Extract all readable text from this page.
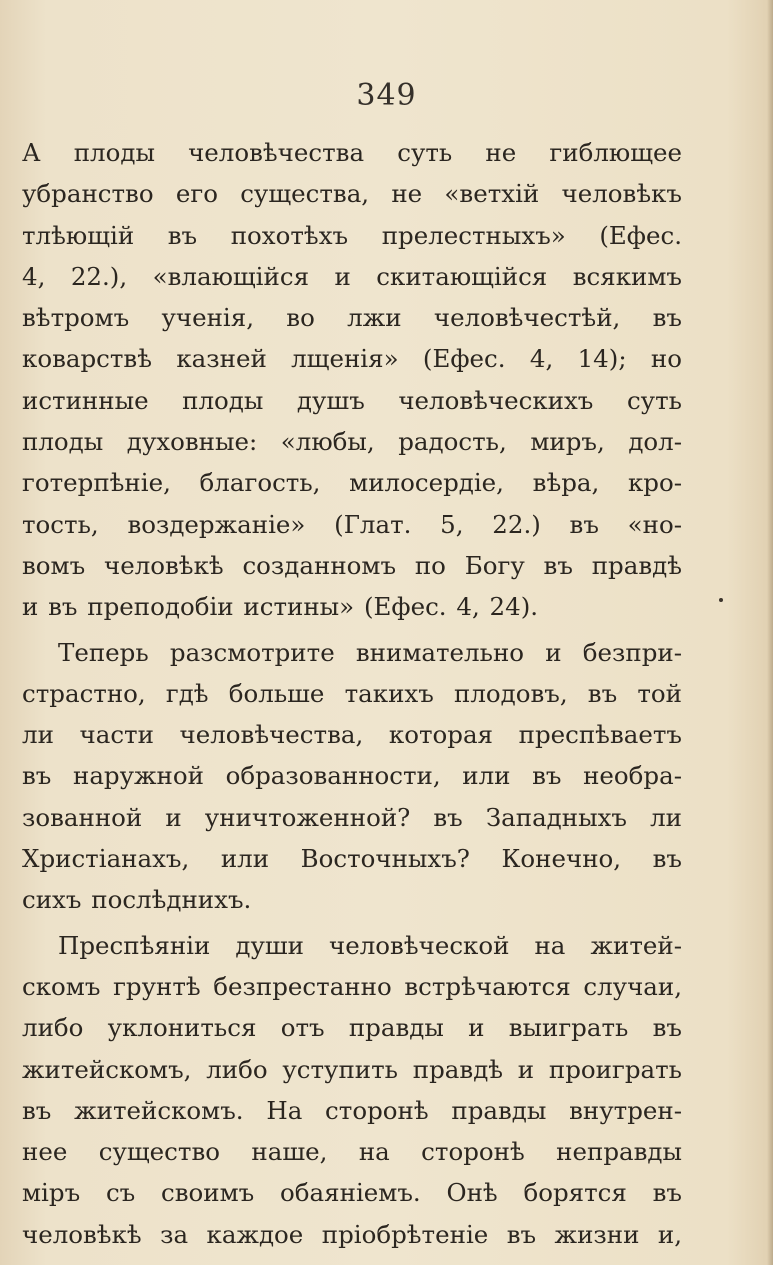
349
А плоды человѣчества суть не гиблющее
убранство его существа, не «ветхій человѣкъ
тлѣющій въ похотѣхъ прелестныхъ» (Ефес.
4, 22.), «влающійся и скитающійся всякимъ
вѣтромъ ученія, во лжи человѣчестѣй, въ
коварствѣ казней лщенія» (Ефес. 4, 14); но
истинные плоды душъ человѣческихъ суть
плоды духовные: «любы, радость, миръ, дол-
готерпѣніе, благость, милосердіе, вѣра, кро-
тость, воздержаніе» (Глат. 5, 22.) въ «но-
вомъ человѣкѣ созданномъ по Богу въ правдѣ
и въ преподобіи истины» (Ефес. 4, 24).
Теперь разсмотрите внимательно и безпри-
страстно, гдѣ больше такихъ плодовъ, въ той
ли части человѣчества, которая преспѣваетъ
въ наружной образованности, или въ необра-
зованной и уничтоженной? въ Западныхъ ли
Христіанахъ, или Восточныхъ? Конечно, въ
сихъ послѣднихъ.
Преспѣяніи души человѣческой на житей-
скомъ грунтѣ безпрестанно встрѣчаются случаи,
либо уклониться отъ правды и выиграть въ
житейскомъ, либо уступить правдѣ и проиграть
въ житейскомъ. На сторонѣ правды внутрен-
нее существо наше, на сторонѣ неправды
міръ съ своимъ обаяніемъ. Онѣ борятся въ
человѣкѣ за каждое пріобрѣтеніе въ жизни и,
